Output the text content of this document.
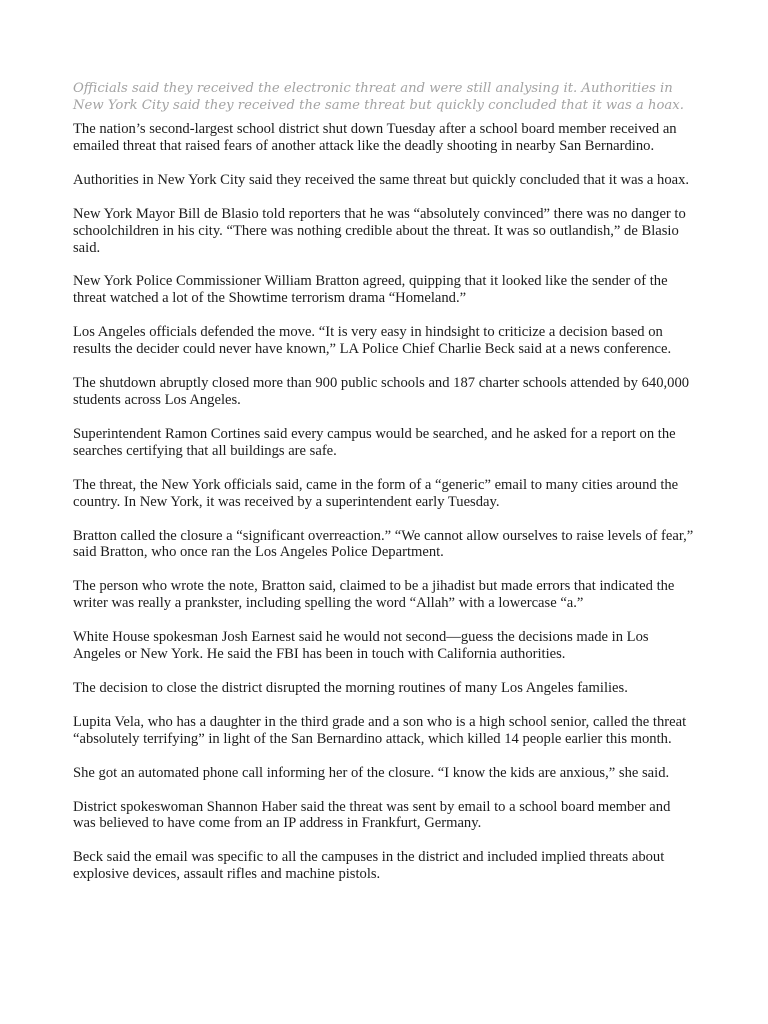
Officials said they received the electronic threat and were still analysing it. Authorities in New York City said they received the same threat but quickly concluded that it was a hoax.

The nation’s second-largest school district shut down Tuesday after a school board member received an emailed threat that raised fears of another attack like the deadly shooting in nearby San Bernardino.

Authorities in New York City said they received the same threat but quickly concluded that it was a hoax.

New York Mayor Bill de Blasio told reporters that he was “absolutely convinced” there was no danger to schoolchildren in his city. “There was nothing credible about the threat. It was so outlandish,” de Blasio said.

New York Police Commissioner William Bratton agreed, quipping that it looked like the sender of the threat watched a lot of the Showtime terrorism drama “Homeland.”

Los Angeles officials defended the move. “It is very easy in hindsight to criticize a decision based on results the decider could never have known,” LA Police Chief Charlie Beck said at a news conference.

The shutdown abruptly closed more than 900 public schools and 187 charter schools attended by 640,000 students across Los Angeles.

Superintendent Ramon Cortines said every campus would be searched, and he asked for a report on the searches certifying that all buildings are safe.

The threat, the New York officials said, came in the form of a “generic” email to many cities around the country. In New York, it was received by a superintendent early Tuesday.

Bratton called the closure a “significant overreaction.” “We cannot allow ourselves to raise levels of fear,” said Bratton, who once ran the Los Angeles Police Department.

The person who wrote the note, Bratton said, claimed to be a jihadist but made errors that indicated the writer was really a prankster, including spelling the word “Allah” with a lowercase “a.”

White House spokesman Josh Earnest said he would not second—guess the decisions made in Los Angeles or New York. He said the FBI has been in touch with California authorities.

The decision to close the district disrupted the morning routines of many Los Angeles families.

Lupita Vela, who has a daughter in the third grade and a son who is a high school senior, called the threat “absolutely terrifying” in light of the San Bernardino attack, which killed 14 people earlier this month.

She got an automated phone call informing her of the closure. “I know the kids are anxious,” she said.

District spokeswoman Shannon Haber said the threat was sent by email to a school board member and was believed to have come from an IP address in Frankfurt, Germany.

Beck said the email was specific to all the campuses in the district and included implied threats about explosive devices, assault rifles and machine pistols.
